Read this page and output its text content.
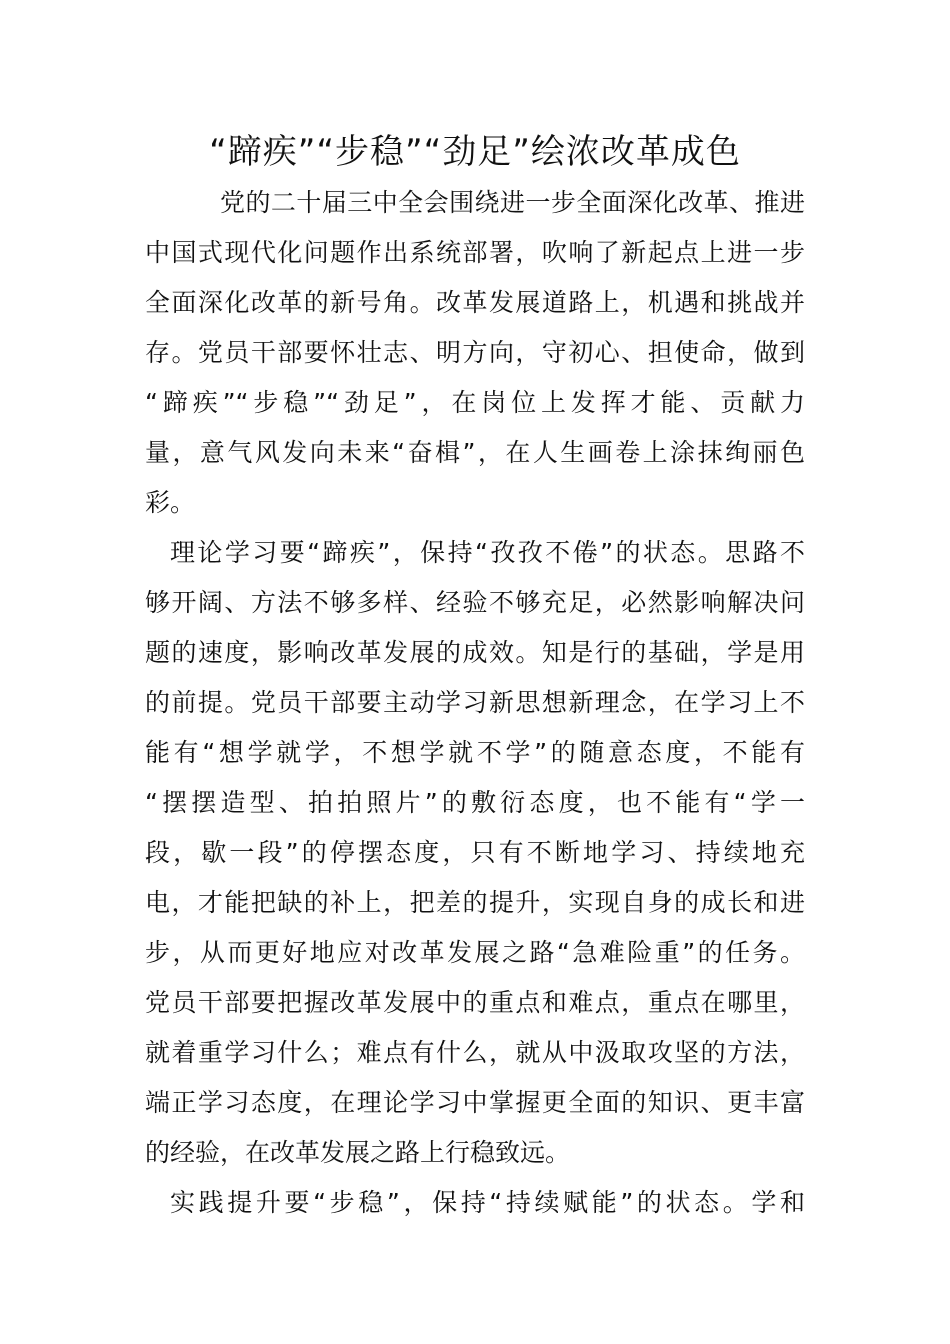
“蹄疾”“步稳”“劲足”绘浓改革成色
党的二十届三中全会围绕进一步全面深化改革、推进
中国式现代化问题作出系统部署，吹响了新起点上进一步
全面深化改革的新号角。改革发展道路上，机遇和挑战并
存。党员干部要怀壮志、明方向，守初心、担使命，做到
“蹄疾”“步稳”“劲足”，在岗位上发挥才能、贡献力
量，意气风发向未来“奋楫”，在人生画卷上涂抹绚丽色
彩。
理论学习要“蹄疾”，保持“孜孜不倦”的状态。思路不
够开阔、方法不够多样、经验不够充足，必然影响解决问
题的速度，影响改革发展的成效。知是行的基础，学是用
的前提。党员干部要主动学习新思想新理念，在学习上不
能有“想学就学，不想学就不学”的随意态度，不能有
“摆摆造型、拍拍照片”的敷衍态度，也不能有“学一
段，歇一段”的停摆态度，只有不断地学习、持续地充
电，才能把缺的补上，把差的提升，实现自身的成长和进
步，从而更好地应对改革发展之路“急难险重”的任务。
党员干部要把握改革发展中的重点和难点，重点在哪里，
就着重学习什么；难点有什么，就从中汲取攻坚的方法，
端正学习态度，在理论学习中掌握更全面的知识、更丰富
的经验，在改革发展之路上行稳致远。
实践提升要“步稳”，保持“持续赋能”的状态。学和
